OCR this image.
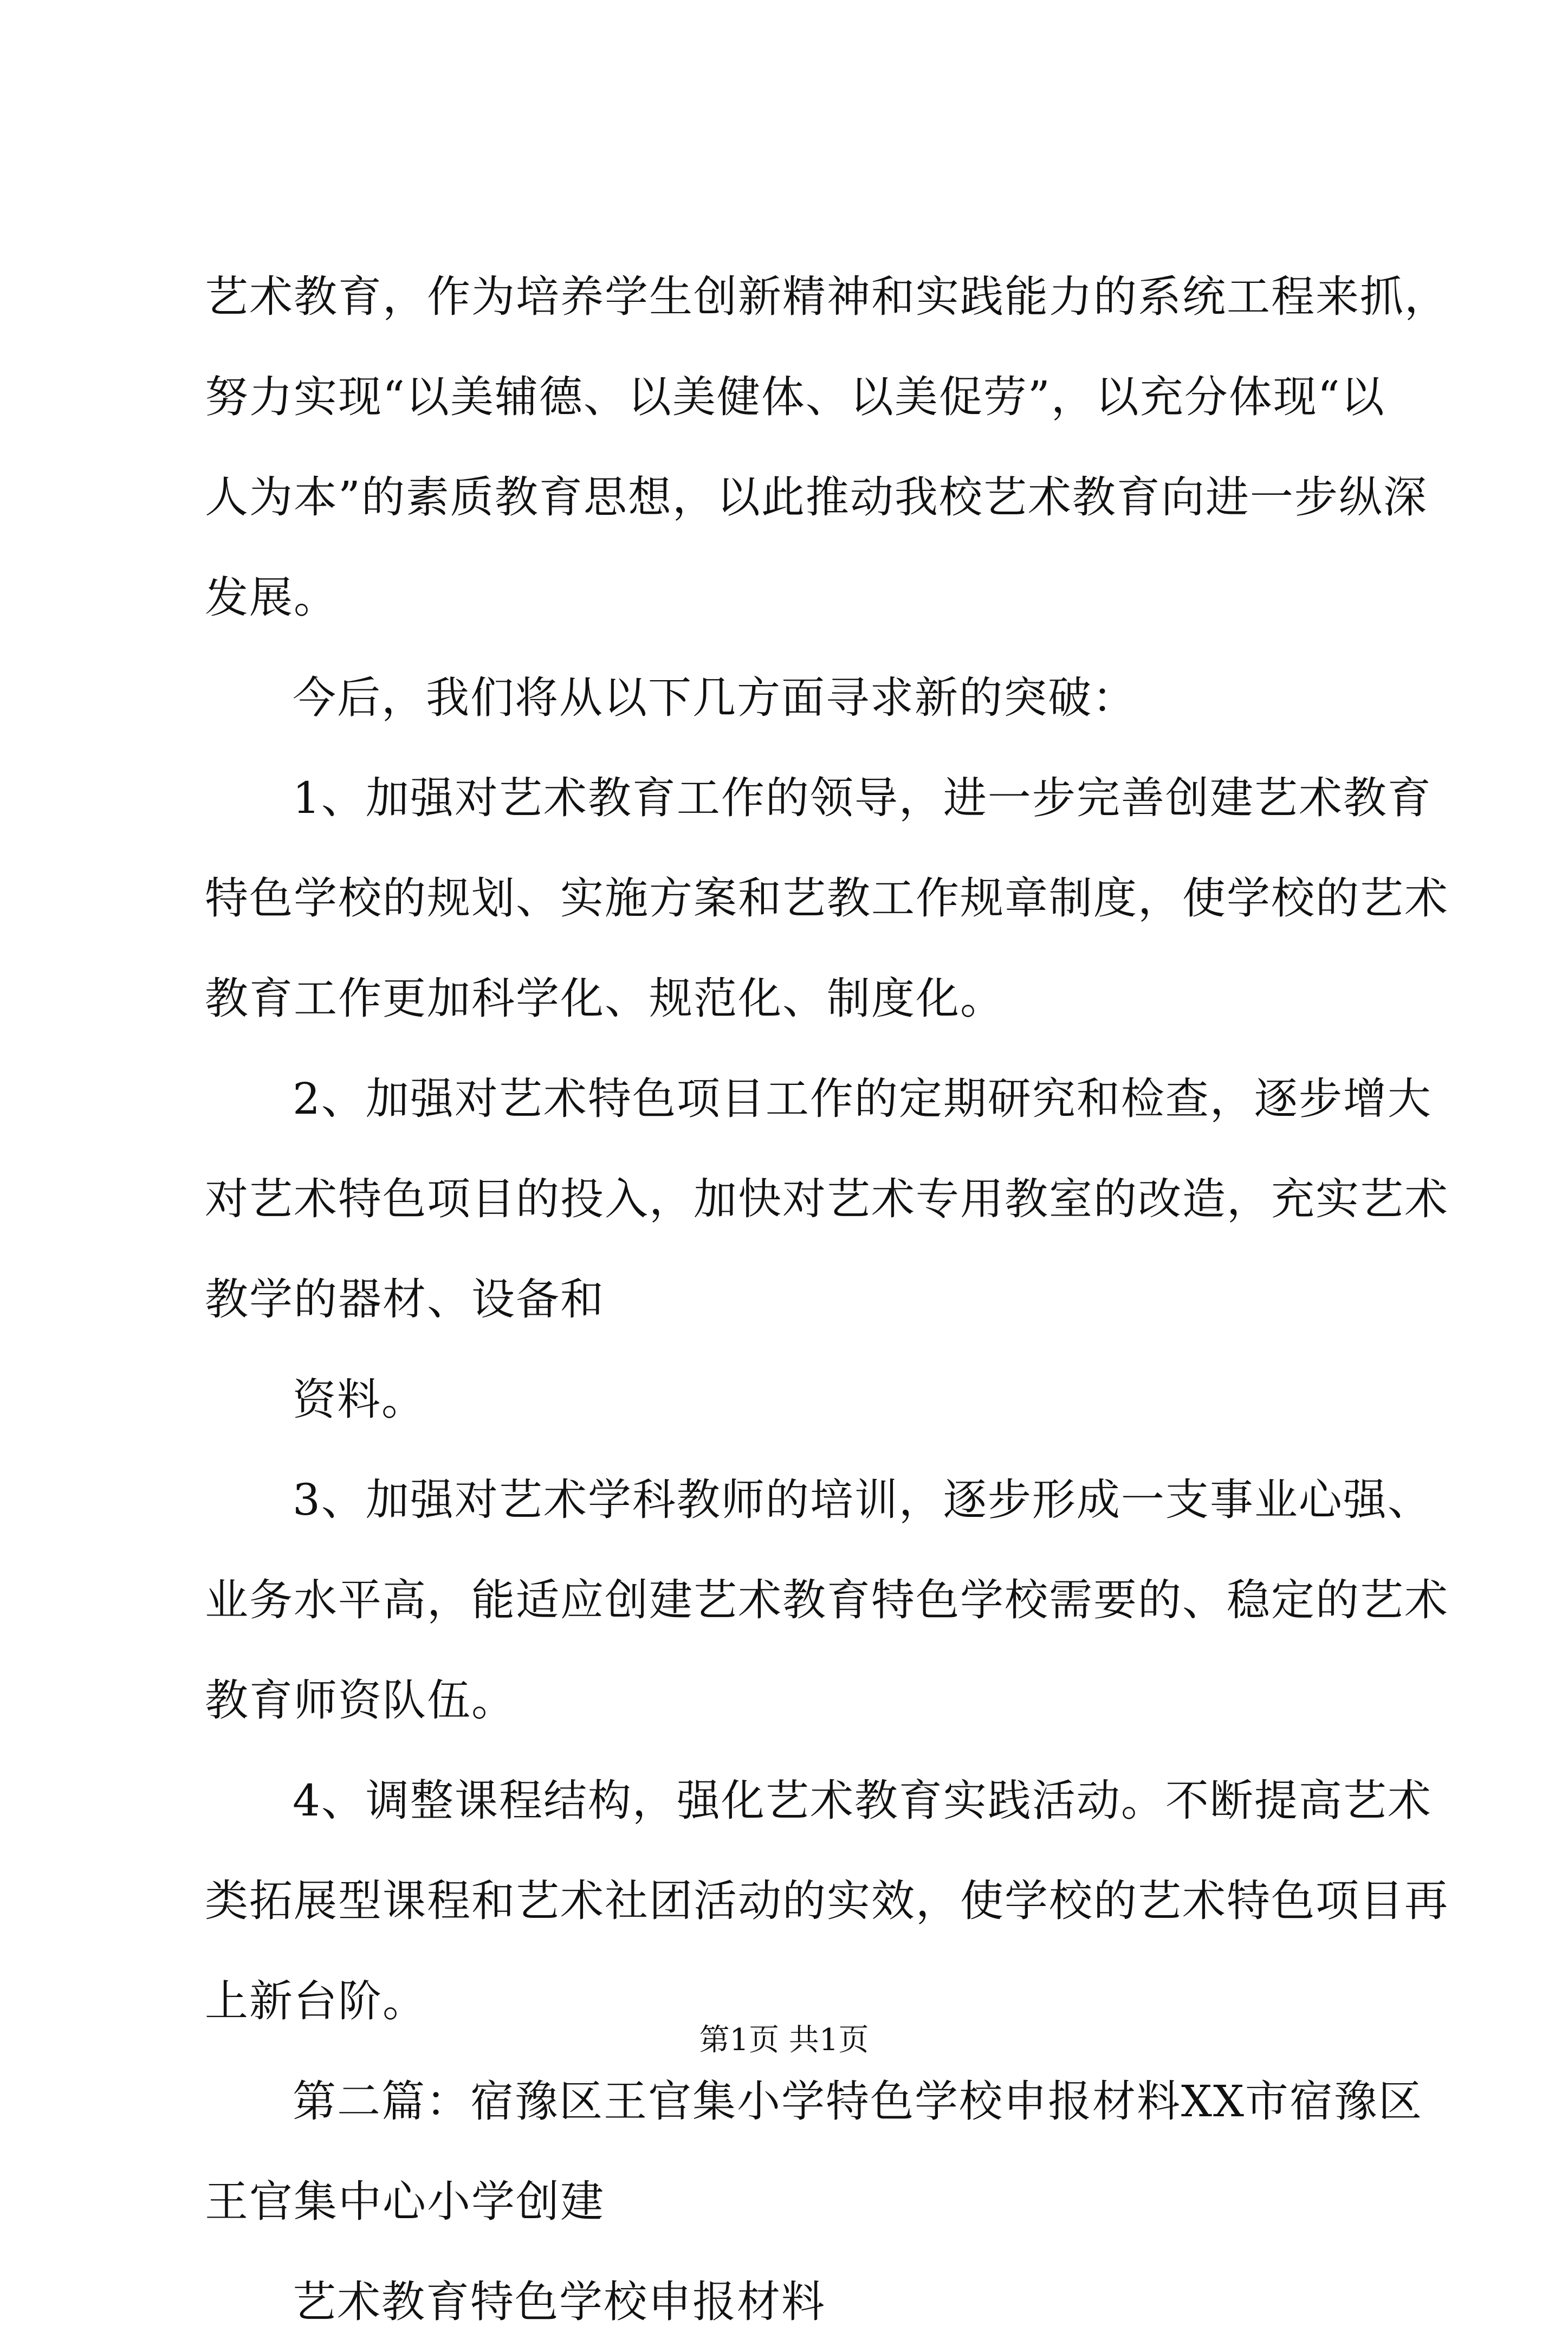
艺术教育，作为培养学生创新精神和实践能力的系统工程来抓，
努力实现“以美辅德、以美健体、以美促劳”，以充分体现“以
人为本”的素质教育思想，以此推动我校艺术教育向进一步纵深
发展。
今后，我们将从以下几方面寻求新的突破：
1、加强对艺术教育工作的领导，进一步完善创建艺术教育
特色学校的规划、实施方案和艺教工作规章制度，使学校的艺术
教育工作更加科学化、规范化、制度化。
2、加强对艺术特色项目工作的定期研究和检查，逐步增大
对艺术特色项目的投入，加快对艺术专用教室的改造，充实艺术
教学的器材、设备和
资料。
3、加强对艺术学科教师的培训，逐步形成一支事业心强、
业务水平高，能适应创建艺术教育特色学校需要的、稳定的艺术
教育师资队伍。
4、调整课程结构，强化艺术教育实践活动。不断提高艺术
类拓展型课程和艺术社团活动的实效，使学校的艺术特色项目再
上新台阶。
第二篇：宿豫区王官集小学特色学校申报材料XX市宿豫区
王官集中心小学创建
艺术教育特色学校申报材料
第1页 共1页
